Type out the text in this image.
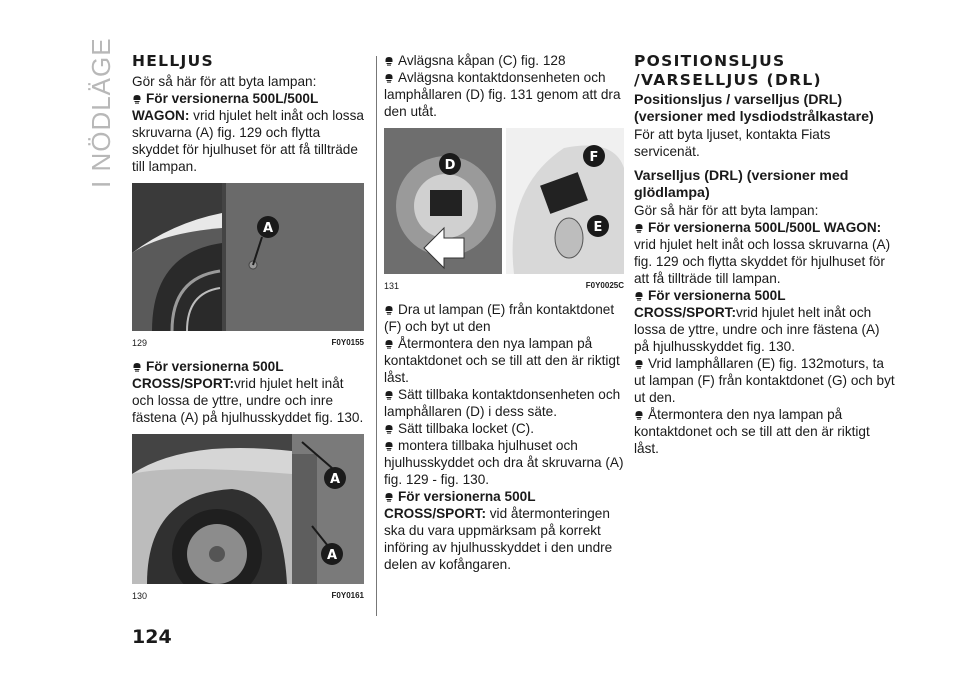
I NÖDLÄGE HELLJUS

Gör så här för att byta lampan:

För versionerna 500L/500L WAGON: vrid hjulet helt inåt och lossa skruvarna (A) fig. 129 och flytta skyddet för hjulhuset för att få tillträde till lampan.

A
129	F0Y0155

För versionerna 500L CROSS/SPORT:vrid hjulet helt inåt och lossa de yttre, undre och inre fästena (A) på hjulhusskyddet fig. 130.

A
A
130	F0Y0161

Avlägsna kåpan (C) fig. 128

Avlägsna kontaktdonsenheten och lamphållaren (D) fig. 131 genom att dra den utåt.

D
F
E
131	F0Y0025C

Dra ut lampan (E) från kontaktdonet (F) och byt ut den

Återmontera den nya lampan på kontaktdonet och se till att den är riktigt låst.

Sätt tillbaka kontaktdonsenheten och lamphållaren (D) i dess säte.

Sätt tillbaka locket (C).

montera tillbaka hjulhuset och hjulhusskyddet och dra åt skruvarna (A) fig. 129 - fig. 130.

För versionerna 500L CROSS/SPORT: vid återmonteringen ska du vara uppmärksam på korrekt införing av hjulhusskyddet i den undre delen av kofångaren.

POSITIONSLJUS
/VARSELLJUS (DRL)

Positionsljus / varselljus (DRL) (versioner med lysdiodstrålkastare)

För att byta ljuset, kontakta Fiats servicenät.

Varselljus (DRL) (versioner med glödlampa)

Gör så här för att byta lampan:

För versionerna 500L/500L WAGON: vrid hjulet helt inåt och lossa skruvarna (A) fig. 129 och flytta skyddet för hjulhuset för att få tillträde till lampan.

För versionerna 500L CROSS/SPORT:vrid hjulet helt inåt och lossa de yttre, undre och inre fästena (A) på hjulhusskyddet fig. 130.

Vrid lamphållaren (E) fig. 132moturs, ta ut lampan (F) från kontaktdonet (G) och byt ut den.

Återmontera den nya lampan på kontaktdonet och se till att den är riktigt låst.

124
